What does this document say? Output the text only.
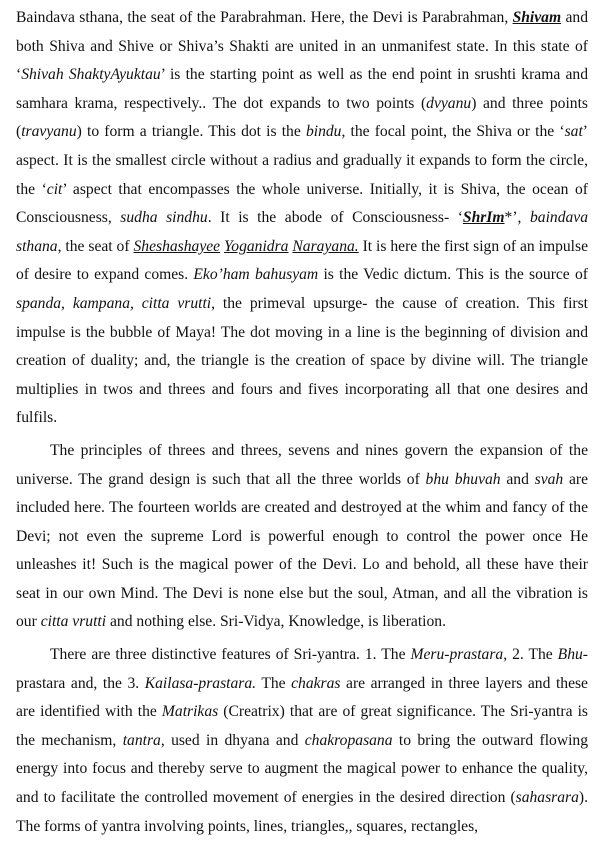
Baindava sthana, the seat of the Parabrahman. Here, the Devi is Parabrahman, Shivam and both Shiva and Shive or Shiva’s Shakti are united in an unmanifest state. In this state of ‘Shivah ShaktyAyuktau’ is the starting point as well as the end point in srushti krama and samhara krama, respectively.. The dot expands to two points (dvyanu) and three points (travyanu) to form a triangle. This dot is the bindu, the focal point, the Shiva or the ‘sat’ aspect. It is the smallest circle without a radius and gradually it expands to form the circle, the ‘cit’ aspect that encompasses the whole universe. Initially, it is Shiva, the ocean of Consciousness, sudha sindhu. It is the abode of Consciousness- ‘ShrIm*’, baindava sthana, the seat of Sheshashayee Yoganidra Narayana. It is here the first sign of an impulse of desire to expand comes. Eko’ham bahusyam is the Vedic dictum. This is the source of spanda, kampana, citta vrutti, the primeval upsurge- the cause of creation. This first impulse is the bubble of Maya! The dot moving in a line is the beginning of division and creation of duality; and, the triangle is the creation of space by divine will. The triangle multiplies in twos and threes and fours and fives incorporating all that one desires and fulfils.

The principles of threes and threes, sevens and nines govern the expansion of the universe. The grand design is such that all the three worlds of bhu bhuvah and svah are included here. The fourteen worlds are created and destroyed at the whim and fancy of the Devi; not even the supreme Lord is powerful enough to control the power once He unleashes it! Such is the magical power of the Devi. Lo and behold, all these have their seat in our own Mind. The Devi is none else but the soul, Atman, and all the vibration is our citta vrutti and nothing else. Sri-Vidya, Knowledge, is liberation.

There are three distinctive features of Sri-yantra. 1. The Meru-prastara, 2. The Bhu-prastara and, the 3. Kailasa-prastara. The chakras are arranged in three layers and these are identified with the Matrikas (Creatrix) that are of great significance. The Sri-yantra is the mechanism, tantra, used in dhyana and chakropasana to bring the outward flowing energy into focus and thereby serve to augment the magical power to enhance the quality, and to facilitate the controlled movement of energies in the desired direction (sahasrara). The forms of yantra involving points, lines, triangles,, squares, rectangles,
